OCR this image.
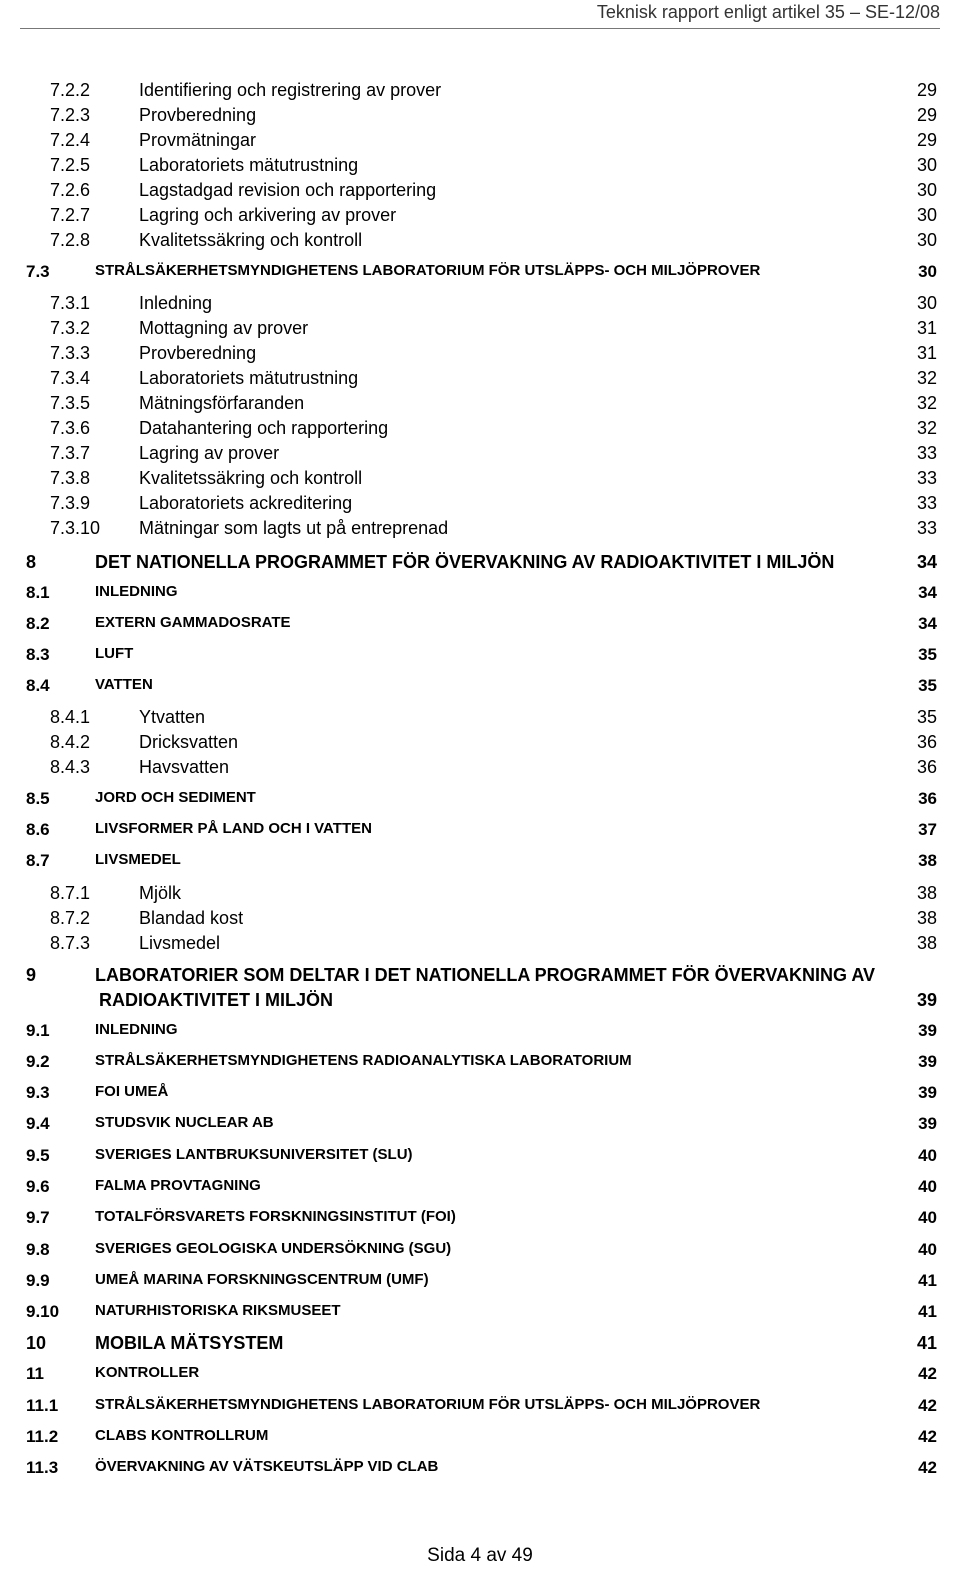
Teknisk rapport enligt artikel 35 – SE-12/08
7.2.2	Identifiering och registrering av prover	29
7.2.3	Provberedning	29
7.2.4	Provmätningar	29
7.2.5	Laboratoriets mätutrustning	30
7.2.6	Lagstadgad revision och rapportering	30
7.2.7	Lagring och arkivering av prover	30
7.2.8	Kvalitetssäkring och kontroll	30
7.3	STRÅLSÄKERHETSMYNDIGHETENS LABORATORIUM FÖR UTSLÄPPS- OCH MILJÖPROVER	30
7.3.1	Inledning	30
7.3.2	Mottagning av prover	31
7.3.3	Provberedning	31
7.3.4	Laboratoriets mätutrustning	32
7.3.5	Mätningsförfaranden	32
7.3.6	Datahantering och rapportering	32
7.3.7	Lagring av prover	33
7.3.8	Kvalitetssäkring och kontroll	33
7.3.9	Laboratoriets ackreditering	33
7.3.10 Mätningar som lagts ut på entreprenad	33
8	DET NATIONELLA PROGRAMMET FÖR ÖVERVAKNING AV RADIOAKTIVITET I MILJÖN	34
8.1	INLEDNING	34
8.2	EXTERN GAMMADOSRATE	34
8.3	LUFT	35
8.4	VATTEN	35
8.4.1	Ytvatten	35
8.4.2	Dricksvatten	36
8.4.3	Havsvatten	36
8.5	JORD OCH SEDIMENT	36
8.6	LIVSFORMER PÅ LAND OCH I VATTEN	37
8.7	LIVSMEDEL	38
8.7.1	Mjölk	38
8.7.2	Blandad kost	38
8.7.3	Livsmedel	38
9	LABORATORIER SOM DELTAR I DET NATIONELLA PROGRAMMET FÖR ÖVERVAKNING AV
RADIOAKTIVITET I MILJÖN	39
9.1	INLEDNING	39
9.2	STRÅLSÄKERHETSMYNDIGHETENS RADIOANALYTISKA LABORATORIUM	39
9.3	FOI UMEÅ	39
9.4	STUDSVIK NUCLEAR AB	39
9.5	SVERIGES LANTBRUKSUNIVERSITET (SLU)	40
9.6	FALMA PROVTAGNING	40
9.7	TOTALFÖRSVARETS FORSKNINGSINSTITUT (FOI)	40
9.8	SVERIGES GEOLOGISKA UNDERSÖKNING (SGU)	40
9.9	UMEÅ MARINA FORSKNINGSCENTRUM (UMF)	41
9.10 NATURHISTORISKA RIKSMUSEET	41
10	MOBILA MÄTSYSTEM	41
11	KONTROLLER	42
11.1 STRÅLSÄKERHETSMYNDIGHETENS LABORATORIUM FÖR UTSLÄPPS- OCH MILJÖPROVER	42
11.2 CLABS KONTROLLRUM	42
11.3 ÖVERVAKNING AV VÄTSKEUTSLÄPP VID CLAB	42
Sida 4 av 49
